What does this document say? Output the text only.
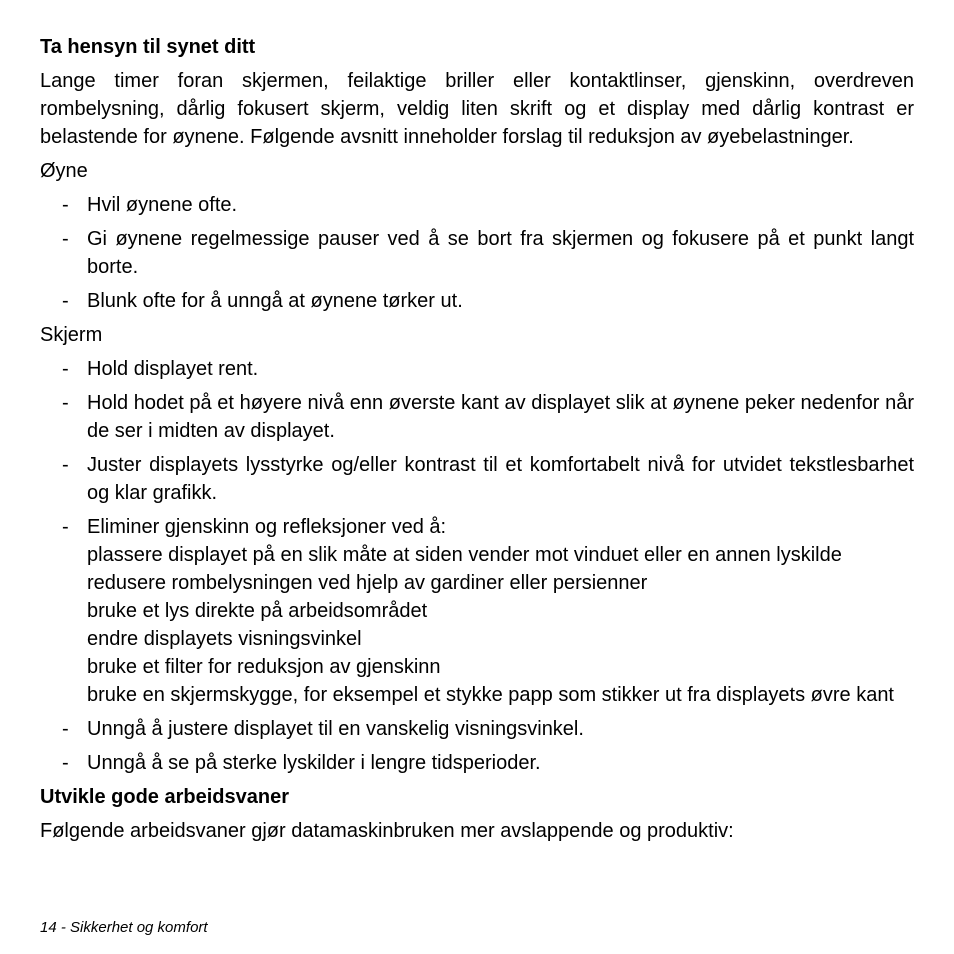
Ta hensyn til synet ditt

Lange timer foran skjermen, feilaktige briller eller kontaktlinser, gjenskinn, overdreven rombelysning, dårlig fokusert skjerm, veldig liten skrift og et display med dårlig kontrast er belastende for øynene. Følgende avsnitt inneholder forslag til reduksjon av øyebelastninger.

Øyne
- Hvil øynene ofte.
- Gi øynene regelmessige pauser ved å se bort fra skjermen og fokusere på et punkt langt borte.
- Blunk ofte for å unngå at øynene tørker ut.
Skjerm
- Hold displayet rent.
- Hold hodet på et høyere nivå enn øverste kant av displayet slik at øynene peker nedenfor når de ser i midten av displayet.
- Juster displayets lysstyrke og/eller kontrast til et komfortabelt nivå for utvidet tekstlesbarhet og klar grafikk.
- Eliminer gjenskinn og refleksjoner ved å:
plassere displayet på en slik måte at siden vender mot vinduet eller en annen lyskilde
redusere rombelysningen ved hjelp av gardiner eller persienner
bruke et lys direkte på arbeidsområdet
endre displayets visningsvinkel
bruke et filter for reduksjon av gjenskinn
bruke en skjermskygge, for eksempel et stykke papp som stikker ut fra displayets øvre kant
- Unngå å justere displayet til en vanskelig visningsvinkel.
- Unngå å se på sterke lyskilder i lengre tidsperioder.
Utvikle gode arbeidsvaner

Følgende arbeidsvaner gjør datamaskinbruken mer avslappende og produktiv:

14 - Sikkerhet og komfort
